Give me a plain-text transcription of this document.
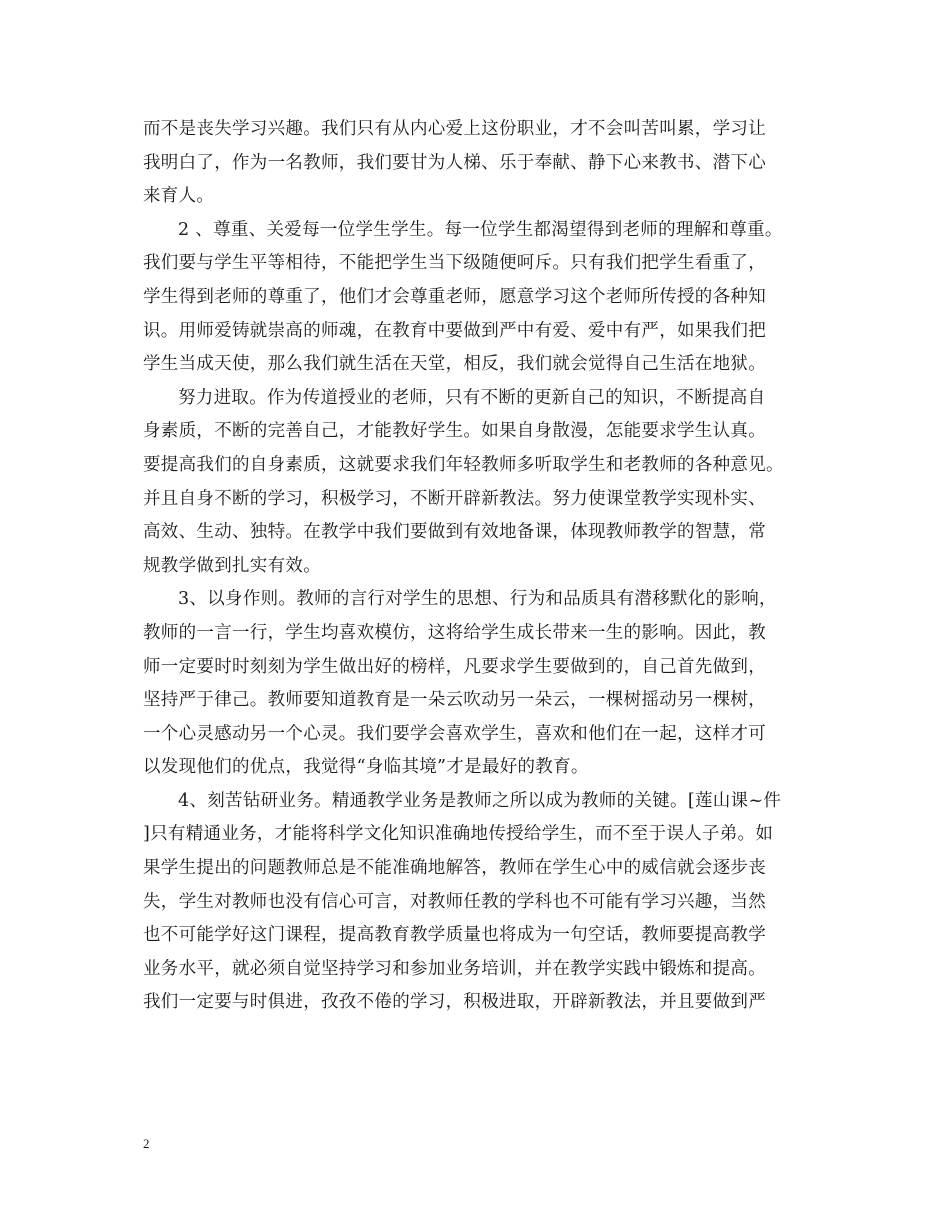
而不是丧失学习兴趣。我们只有从内心爱上这份职业，才不会叫苦叫累，学习让
我明白了，作为一名教师，我们要甘为人梯、乐于奉献、静下心来教书、潜下心
来育人。
2 、尊重、关爱每一位学生学生。每一位学生都渴望得到老师的理解和尊重。
我们要与学生平等相待，不能把学生当下级随便呵斥。只有我们把学生看重了，
学生得到老师的尊重了，他们才会尊重老师，愿意学习这个老师所传授的各种知
识。用师爱铸就崇高的师魂，在教育中要做到严中有爱、爱中有严，如果我们把
学生当成天使，那么我们就生活在天堂，相反，我们就会觉得自己生活在地狱。
努力进取。作为传道授业的老师，只有不断的更新自己的知识，不断提高自
身素质，不断的完善自己，才能教好学生。如果自身散漫，怎能要求学生认真。
要提高我们的自身素质，这就要求我们年轻教师多听取学生和老教师的各种意见。
并且自身不断的学习，积极学习，不断开辟新教法。努力使课堂教学实现朴实、
高效、生动、独特。在教学中我们要做到有效地备课，体现教师教学的智慧，常
规教学做到扎实有效。
3、以身作则。教师的言行对学生的思想、行为和品质具有潜移默化的影响，
教师的一言一行，学生均喜欢模仿，这将给学生成长带来一生的影响。因此，教
师一定要时时刻刻为学生做出好的榜样，凡要求学生要做到的，自己首先做到，
坚持严于律己。教师要知道教育是一朵云吹动另一朵云，一棵树摇动另一棵树，
一个心灵感动另一个心灵。我们要学会喜欢学生，喜欢和他们在一起，这样才可
以发现他们的优点，我觉得“身临其境”才是最好的教育。
4、刻苦钻研业务。精通教学业务是教师之所以成为教师的关键。[莲山课~件
]只有精通业务，才能将科学文化知识准确地传授给学生，而不至于误人子弟。如
果学生提出的问题教师总是不能准确地解答，教师在学生心中的威信就会逐步丧
失，学生对教师也没有信心可言，对教师任教的学科也不可能有学习兴趣，当然
也不可能学好这门课程，提高教育教学质量也将成为一句空话，教师要提高教学
业务水平，就必须自觉坚持学习和参加业务培训，并在教学实践中锻炼和提高。
我们一定要与时俱进，孜孜不倦的学习，积极进取，开辟新教法，并且要做到严
2
